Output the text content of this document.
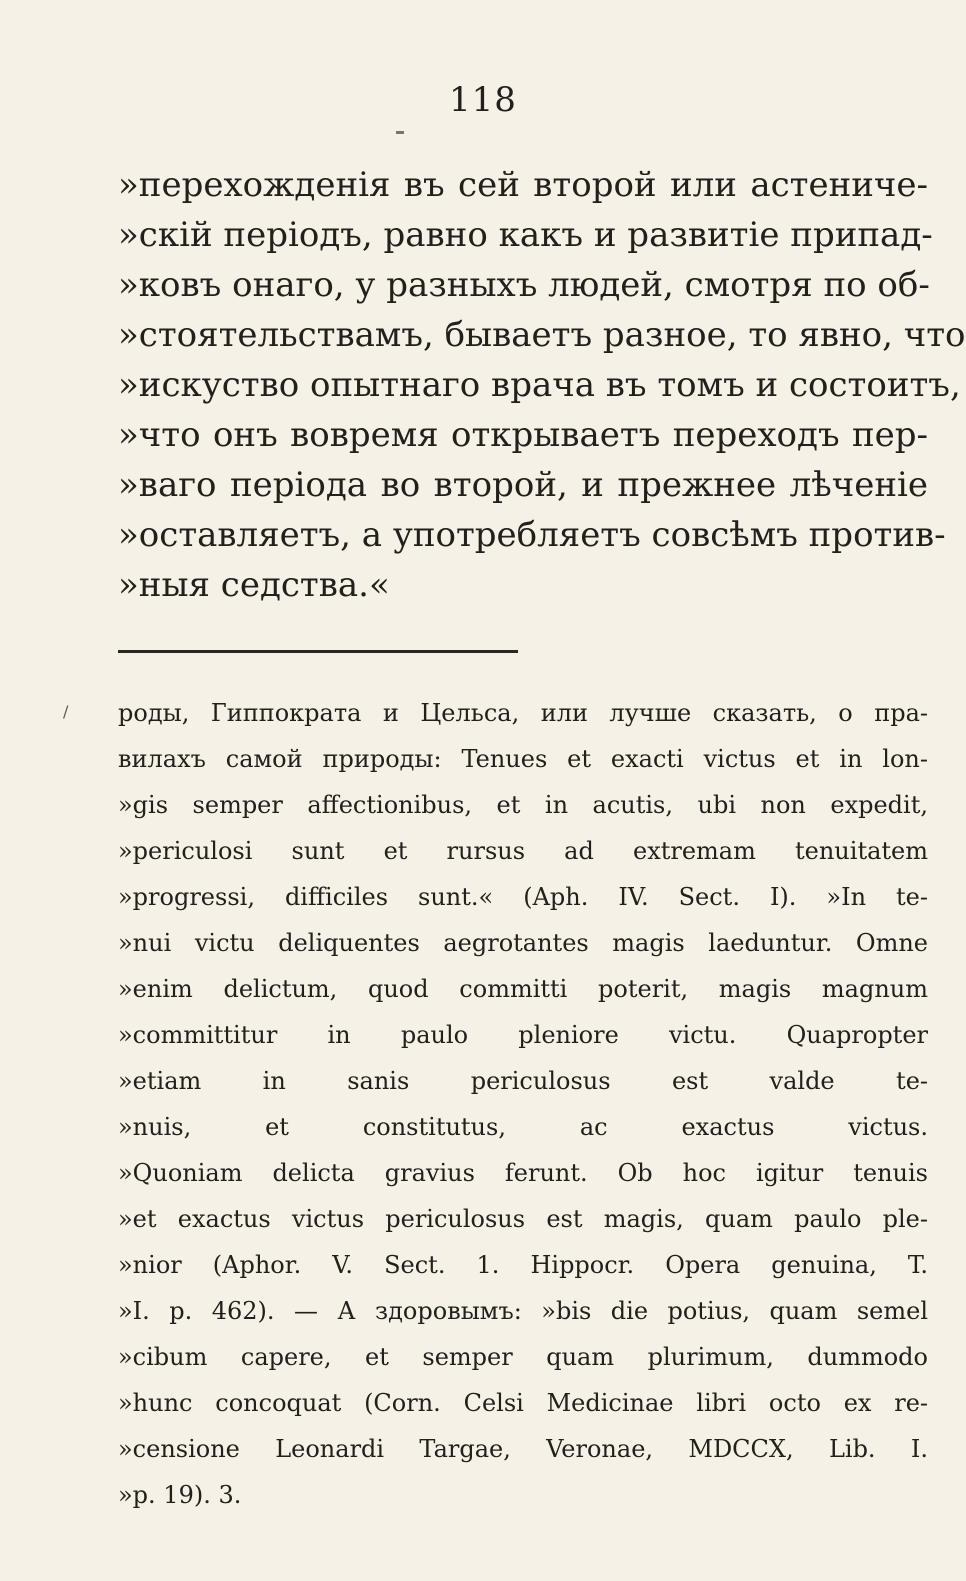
118
»перехожденія въ сей второй или астениче-
»скій періодъ, равно какъ и развитіе припад-
»ковъ онаго, у разныхъ людей, смотря по об-
»стоятельствамъ, бываетъ разное, то явно, что
»искуство опытнаго врача въ томъ и состоитъ,
»что онъ вовремя открываетъ переходъ пер-
»ваго періода во второй, и прежнее лѣченіе
»оставляетъ, а употребляетъ совсѣмъ против-
»ныя седства.«
/ роды, Гиппократа и Цельса, или лучше сказать, о пра-
вилахъ самой природы: Tenues et exacti victus et in lon-
»gis semper affectionibus, et in acutis, ubi non expedit,
»periculosi sunt et rursus ad extremam tenuitatem
»progressi, difficiles sunt.« (Aph. IV. Sect. I). »In te-
»nui victu deliquentes aegrotantes magis laeduntur. Omne
»enim delictum, quod committi poterit, magis magnum
»committitur in paulo pleniore victu. Quapropter
»etiam in sanis periculosus est valde te-
»nuis, et constitutus, ac exactus victus.
»Quoniam delicta gravius ferunt. Ob hoc igitur tenuis
»et exactus victus periculosus est magis, quam paulo ple-
»nior (Aphor. V. Sect. 1. Hippocr. Opera genuina, T.
»I. p. 462). — А здоровымъ: »bis die potius, quam semel
»cibum capere, et semper quam plurimum, dummodo
»hunc concoquat (Corn. Celsi Medicinae libri octo ex re-
»censione Leonardi Targae, Veronae, MDCCX, Lib. I.
»p. 19). 3.
